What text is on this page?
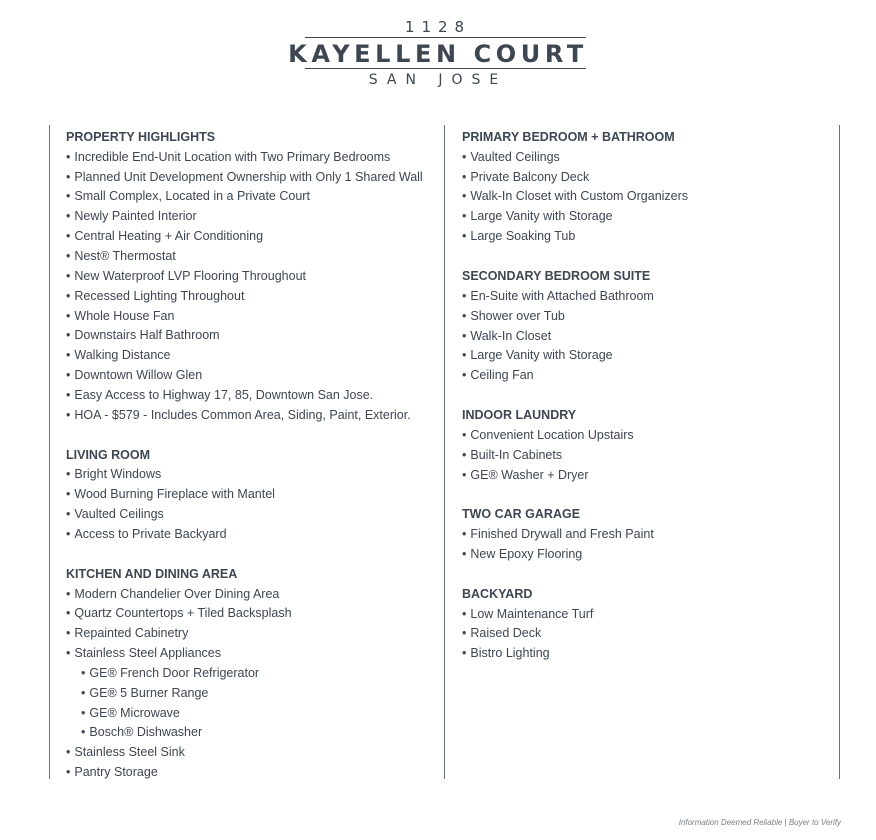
1128
KAYELLEN COURT
SAN JOSE
PROPERTY HIGHLIGHTS
• Incredible End-Unit Location with Two Primary Bedrooms
• Planned Unit Development Ownership with Only 1 Shared Wall
• Small Complex, Located in a Private Court
• Newly Painted Interior
• Central Heating + Air Conditioning
• Nest® Thermostat
• New Waterproof LVP Flooring Throughout
• Recessed Lighting Throughout
• Whole House Fan
• Downstairs Half Bathroom
• Walking Distance
• Downtown Willow Glen
• Easy Access to Highway 17, 85, Downtown San Jose.
• HOA - $579 - Includes Common Area, Siding, Paint, Exterior.
LIVING ROOM
• Bright Windows
• Wood Burning Fireplace with Mantel
• Vaulted Ceilings
• Access to Private Backyard
KITCHEN AND DINING AREA
• Modern Chandelier Over Dining Area
• Quartz Countertops + Tiled Backsplash
• Repainted Cabinetry
• Stainless Steel Appliances
• GE® French Door Refrigerator
• GE® 5 Burner Range
• GE® Microwave
• Bosch® Dishwasher
• Stainless Steel Sink
• Pantry Storage
PRIMARY BEDROOM + BATHROOM
• Vaulted Ceilings
• Private Balcony Deck
• Walk-In Closet with Custom Organizers
• Large Vanity with Storage
• Large Soaking Tub
SECONDARY BEDROOM SUITE
• En-Suite with Attached Bathroom
• Shower over Tub
• Walk-In Closet
• Large Vanity with Storage
• Ceiling Fan
INDOOR LAUNDRY
• Convenient Location Upstairs
• Built-In Cabinets
• GE® Washer + Dryer
TWO CAR GARAGE
• Finished Drywall and Fresh Paint
• New Epoxy Flooring
BACKYARD
• Low Maintenance Turf
• Raised Deck
• Bistro Lighting
Information Deemed Reliable | Buyer to Verify
